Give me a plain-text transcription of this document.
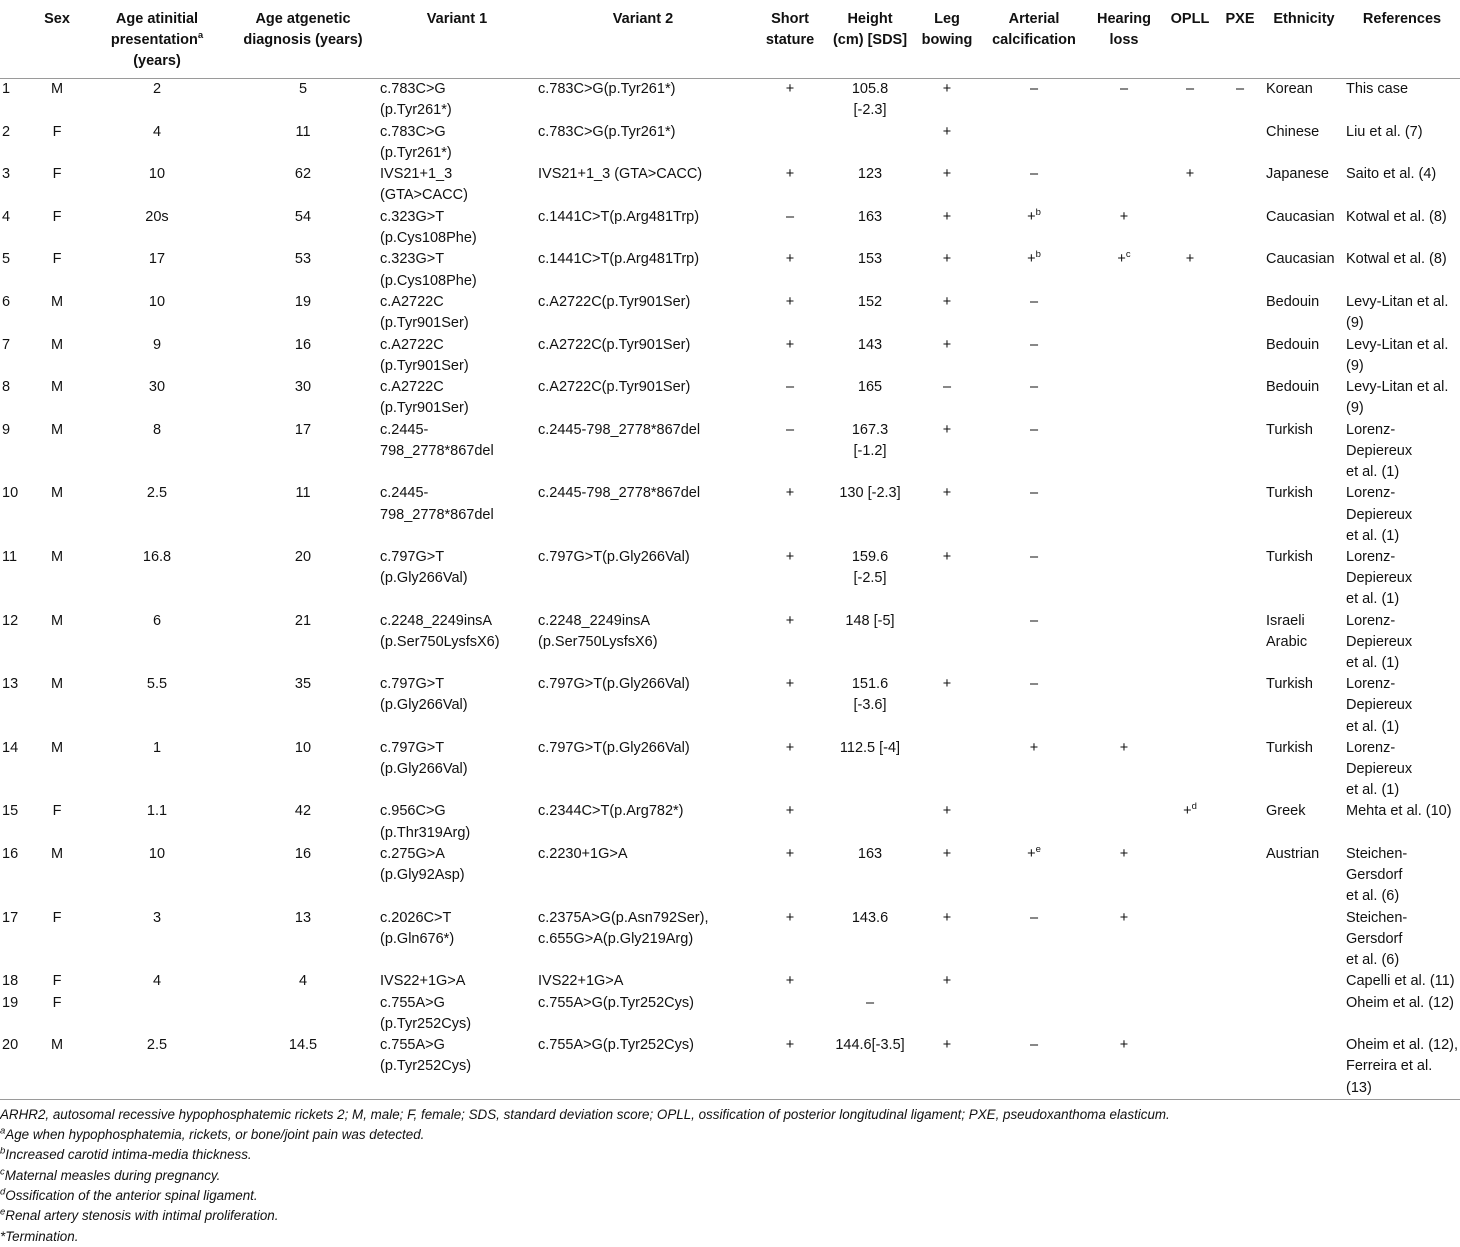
	Sex	Age atinitial presentation$^a$
(years)	Age atgenetic diagnosis (years)	Variant 1	Variant 2	Short stature	Height (cm) [SDS]	Leg bowing	Arterial calcification	Hearing loss	OPLL	PXE	Ethnicity	References
1	M	2	5	c.783C>G
(p.Tyr261*)	c.783C>G(p.Tyr261*)	+	105.8
[-2.3]	+	–	–	–	–	Korean	This case

2	F	4	11	c.783C>G
(p.Tyr261*)	c.783C>G(p.Tyr261*)			+					Chinese	Liu et al. (7)

3	F	10	62	IVS21+1_3
(GTA>CACC)	IVS21+1_3 (GTA>CACC)	+	123	+	–		+		Japanese	Saito et al. (4)

4	F	20s	54	c.323G>T
(p.Cys108Phe)	c.1441C>T(p.Arg481Trp)	–	163	+	+$^b$	+			Caucasian	Kotwal et al. (8)

5	F	17	53	c.323G>T
(p.Cys108Phe)	c.1441C>T(p.Arg481Trp)	+	153	+	+$^b$	+$^c$	+		Caucasian	Kotwal et al. (8)

6	M	10	19	c.A2722C
(p.Tyr901Ser)	c.A2722C(p.Tyr901Ser)	+	152	+	–				Bedouin	Levy-Litan et al. (9)

7	M	9	16	c.A2722C
(p.Tyr901Ser)	c.A2722C(p.Tyr901Ser)	+	143	+	–				Bedouin	Levy-Litan et al. (9)

8	M	30	30	c.A2722C
(p.Tyr901Ser)	c.A2722C(p.Tyr901Ser)	–	165	–	–				Bedouin	Levy-Litan et al. (9)

9	M	8	17	c.2445-
798_2778*867del	c.2445-798_2778*867del	–	167.3
[-1.2]	+	–				Turkish	Lorenz-Depiereux
et al. (1)
10	M	2.5	11	c.2445-
798_2778*867del	c.2445-798_2778*867del	+	130 [-2.3]	+	–				Turkish	Lorenz-Depiereux
et al. (1)
11	M	16.8	20	c.797G>T
(p.Gly266Val)	c.797G>T(p.Gly266Val)	+	159.6
[-2.5]	+	–				Turkish	Lorenz-Depiereux
et al. (1)
12	M	6	21	c.2248_2249insA
(p.Ser750LysfsX6)	c.2248_2249insA
(p.Ser750LysfsX6)	+	148 [-5]		–				Israeli
Arabic	Lorenz-Depiereux
et al. (1)
13	M	5.5	35	c.797G>T
(p.Gly266Val)	c.797G>T(p.Gly266Val)	+	151.6
[-3.6]	+	–				Turkish	Lorenz-Depiereux
et al. (1)
14	M	1	10	c.797G>T
(p.Gly266Val)	c.797G>T(p.Gly266Val)	+	112.5 [-4]		+	+			Turkish	Lorenz-Depiereux
et al. (1)
15	F	1.1	42	c.956C>G
(p.Thr319Arg)	c.2344C>T(p.Arg782*)	+		+			+$^d$		Greek	Mehta et al. (10)

16	M	10	16	c.275G>A
(p.Gly92Asp)	c.2230+1G>A	+	163	+	+$^e$	+			Austrian	Steichen-Gersdorf
et al. (6)
17	F	3	13	c.2026C>T
(p.Gln676*)	c.2375A>G(p.Asn792Ser),
c.655G>A(p.Gly219Arg)	+	143.6	+	–	+				Steichen-Gersdorf
et al. (6)
18	F	4	4	IVS22+1G>A	IVS22+1G>A	+		+						Capelli et al. (11)

19	F			c.755A>G
(p.Tyr252Cys)	c.755A>G(p.Tyr252Cys)		–							Oheim et al. (12)

20	M	2.5	14.5	c.755A>G
(p.Tyr252Cys)	c.755A>G(p.Tyr252Cys)	+	144.6[-3.5]	+	–	+				Oheim et al. (12),
Ferreira et al. (13)
ARHR2, autosomal recessive hypophosphatemic rickets 2; M, male; F, female; SDS, standard deviation score; OPLL, ossification of posterior longitudinal ligament; PXE, pseudoxanthoma elasticum.
$^a$Age when hypophosphatemia, rickets, or bone/joint pain was detected.
$^b$Increased carotid intima-media thickness.
$^c$Maternal measles during pregnancy.
$^d$Ossification of the anterior spinal ligament.
$^e$Renal artery stenosis with intimal proliferation.
*Termination.
